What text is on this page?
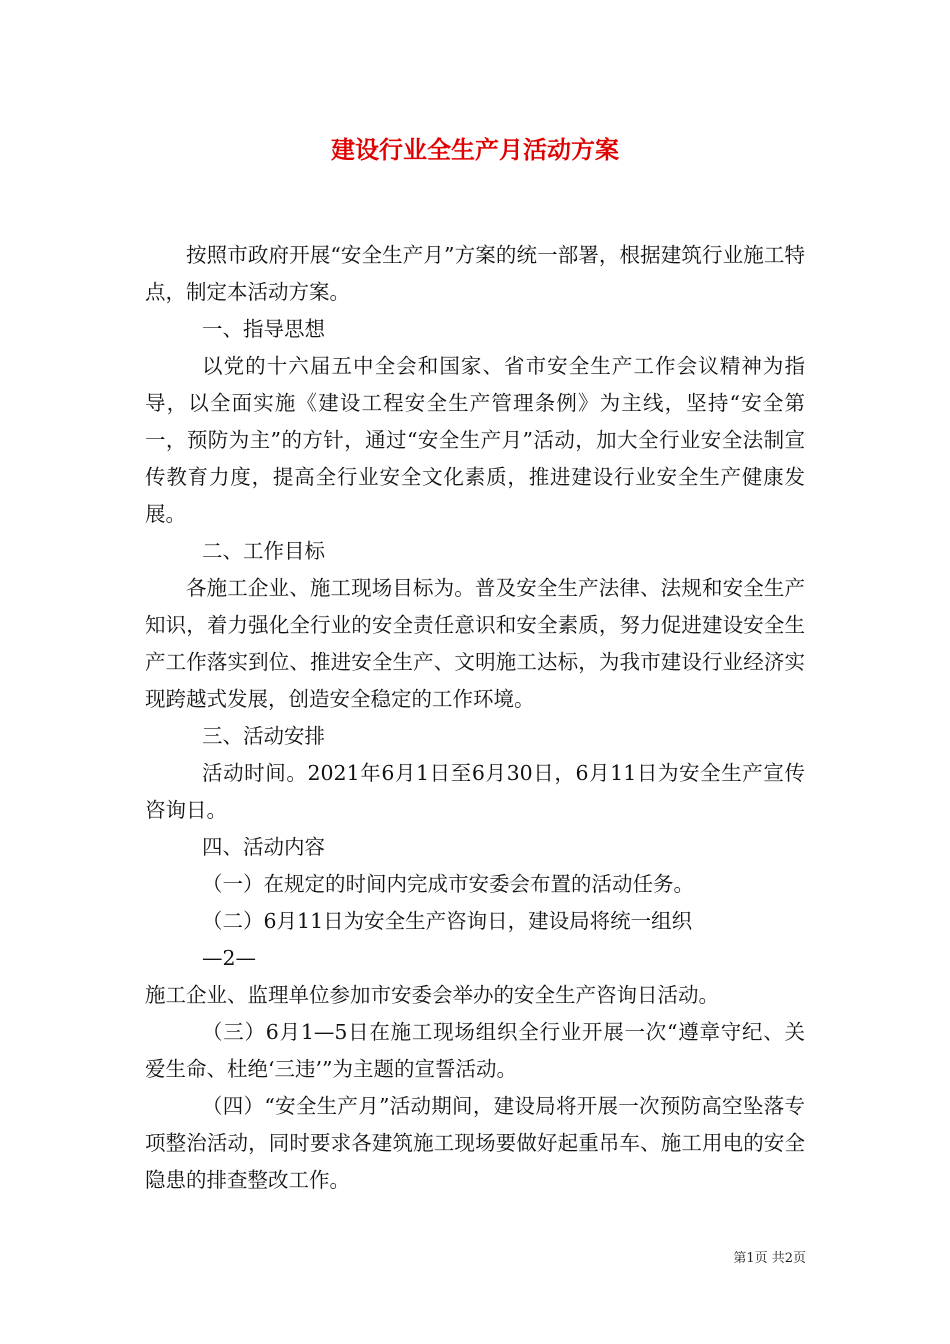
建设行业全生产月活动方案

按照市政府开展“安全生产月”方案的统一部署，根据建筑行业施工特点，制定本活动方案。

一、指导思想

以党的十六届五中全会和国家、省市安全生产工作会议精神为指导，以全面实施《建设工程安全生产管理条例》为主线，坚持“安全第一，预防为主”的方针，通过“安全生产月”活动，加大全行业安全法制宣传教育力度，提高全行业安全文化素质，推进建设行业安全生产健康发展。

二、工作目标

各施工企业、施工现场目标为。普及安全生产法律、法规和安全生产知识，着力强化全行业的安全责任意识和安全素质，努力促进建设安全生产工作落实到位、推进安全生产、文明施工达标，为我市建设行业经济实现跨越式发展，创造安全稳定的工作环境。

三、活动安排

活动时间。2021年6月1日至6月30日，6月11日为安全生产宣传咨询日。

四、活动内容

（一）在规定的时间内完成市安委会布置的活动任务。

（二）6月11日为安全生产咨询日，建设局将统一组织

—2—

施工企业、监理单位参加市安委会举办的安全生产咨询日活动。

（三）6月1—5日在施工现场组织全行业开展一次“遵章守纪、关爱生命、杜绝‘三违’”为主题的宣誓活动。

（四）“安全生产月”活动期间，建设局将开展一次预防高空坠落专项整治活动，同时要求各建筑施工现场要做好起重吊车、施工用电的安全隐患的排查整改工作。

第1页 共2页
